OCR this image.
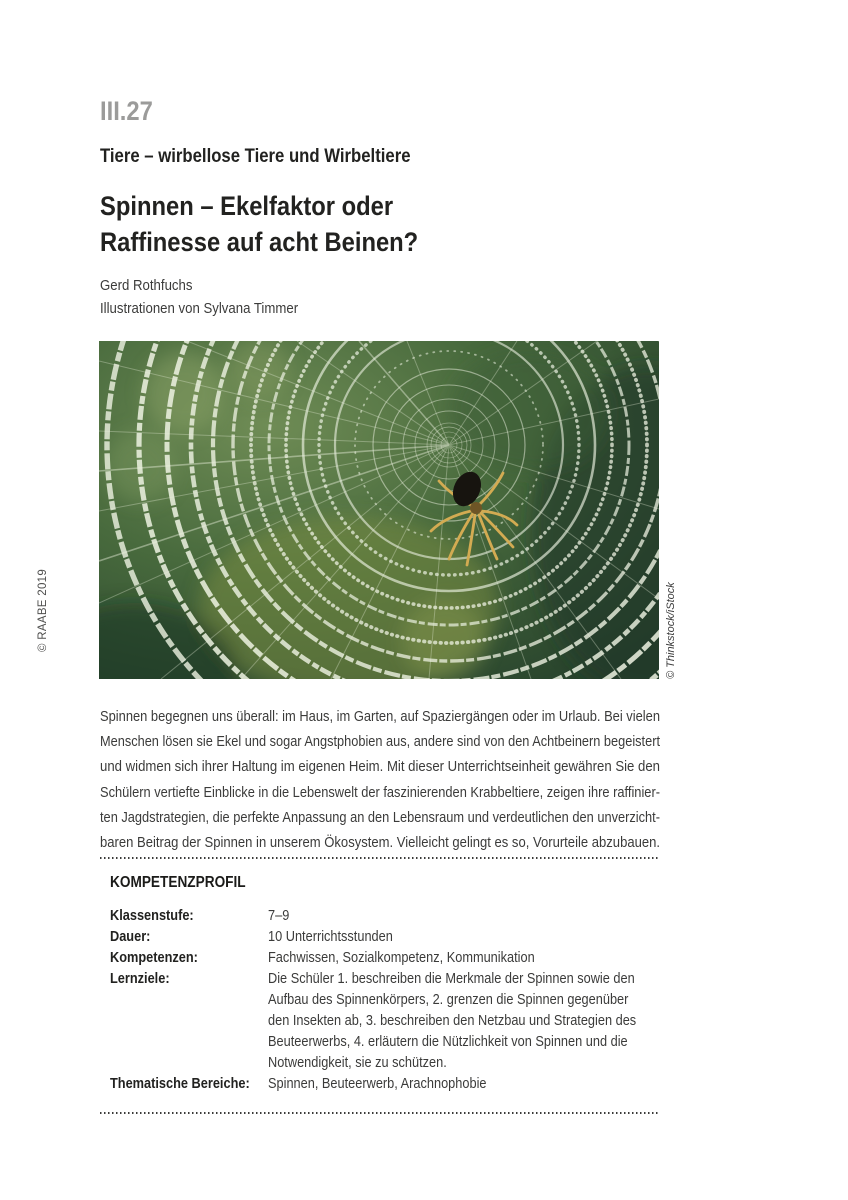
III.27
Tiere – wirbellose Tiere und Wirbeltiere
Spinnen – Ekelfaktor oder
Raffinesse auf acht Beinen?
Gerd Rothfuchs
Illustrationen von Sylvana Timmer
© RAABE 2019	© Thinkstock/iStock
Spinnen begegnen uns überall: im Haus, im Garten, auf Spaziergängen oder im Urlaub. Bei vielen
Menschen lösen sie Ekel und sogar Angstphobien aus, andere sind von den Achtbeinern begeistert
und widmen sich ihrer Haltung im eigenen Heim. Mit dieser Unterrichtseinheit gewähren Sie den
Schülern vertiefte Einblicke in die Lebenswelt der faszinierenden Krabbeltiere, zeigen ihre raffinier-
ten Jagdstrategien, die perfekte Anpassung an den Lebensraum und verdeutlichen den unverzicht-
baren Beitrag der Spinnen in unserem Ökosystem. Vielleicht gelingt es so, Vorurteile abzubauen.
KOMPETENZPROFIL
Klassenstufe:	7–9
Dauer:	10 Unterrichtsstunden
Kompetenzen:	Fachwissen, Sozialkompetenz, Kommunikation
Lernziele:	Die Schüler 1. beschreiben die Merkmale der Spinnen sowie den
Aufbau des Spinnenkörpers, 2. grenzen die Spinnen gegenüber
den Insekten ab, 3. beschreiben den Netzbau und Strategien des
Beuteerwerbs, 4. erläutern die Nützlichkeit von Spinnen und die
Notwendigkeit, sie zu schützen.
Thematische Bereiche:	Spinnen, Beuteerwerb, Arachnophobie
